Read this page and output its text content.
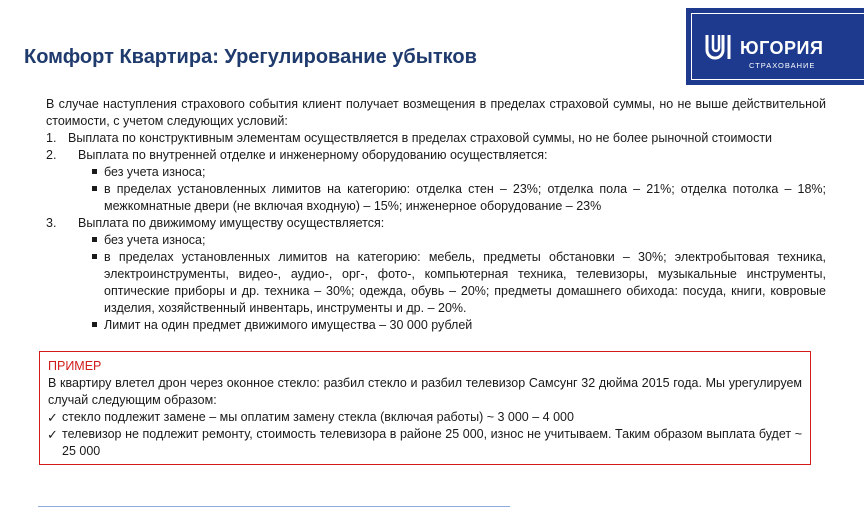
Комфорт Квартира: Урегулирование убытков	ЮГОРИЯ
СТРАХОВАНИЕ

В случае наступления страхового события клиент получает возмещения в пределах страховой суммы, но не выше действительной стоимости, с учетом следующих условий:

1. Выплата по конструктивным элементам осуществляется в пределах страховой суммы, но не более рыночной стоимости
2.	Выплата по внутренней отделке и инженерному оборудованию осуществляется:
без учета износа;
в пределах установленных лимитов на категорию: отделка стен – 23%; отделка пола – 21%; отделка потолка – 18%; межкомнатные двери (не включая входную) – 15%; инженерное оборудование – 23%
3.	Выплата по движимому имуществу осуществляется:
без учета износа;
в пределах установленных лимитов на категорию: мебель, предметы обстановки – 30%; электробытовая техника, электроинструменты, видео-, аудио-, орг-, фото-, компьютерная техника, телевизоры, музыкальные инструменты, оптические приборы и др. техника – 30%; одежда, обувь – 20%; предметы домашнего обихода: посуда, книги, ковровые изделия, хозяйственный инвентарь, инструменты и др. – 20%.
Лимит на один предмет движимого имущества – 30 000 рублей

ПРИМЕР

В квартиру влетел дрон через оконное стекло: разбил стекло и разбил телевизор Самсунг 32 дюйма 2015 года. Мы урегулируем случай следующим образом:

✓ стекло подлежит замене – мы оплатим замену стекла (включая работы) ~ 3 000 – 4 000
✓ телевизор не подлежит ремонту, стоимость телевизора в районе 25 000, износ не учитываем. Таким образом выплата будет ~ 25 000
